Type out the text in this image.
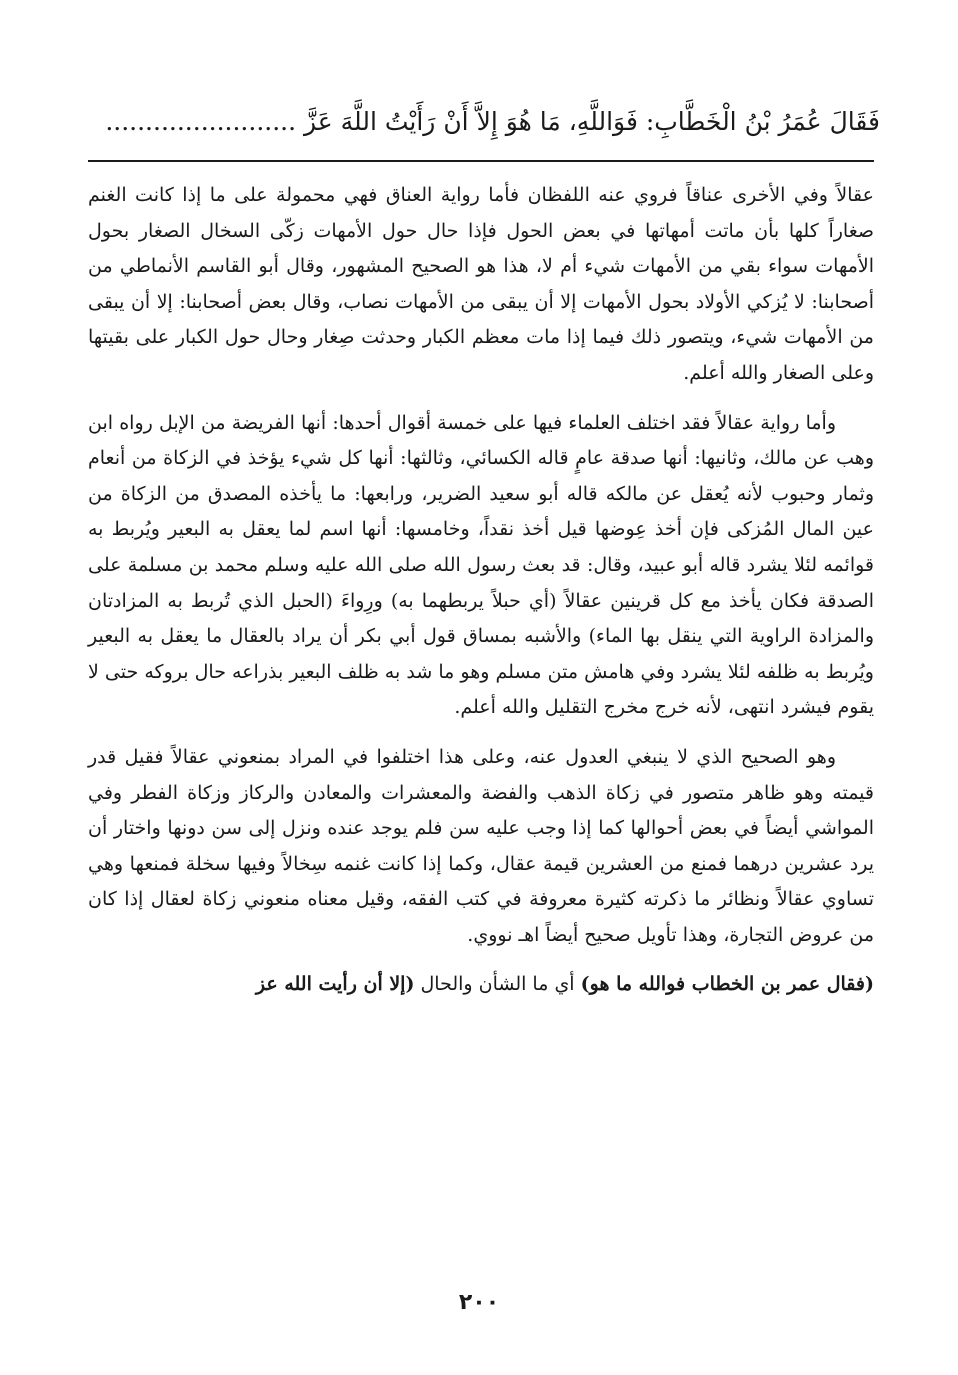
فَقَالَ عُمَرُ بْنُ الْخَطَّابِ: فَوَاللَّهِ، مَا هُوَ إِلاَّ أَنْ رَأَيْتُ اللَّهَ عَزَّ ........................

عقالاً وفي الأخرى عناقاً فروي عنه اللفظان فأما رواية العناق فهي محمولة على ما إذا كانت الغنم صغاراً كلها بأن ماتت أمهاتها في بعض الحول فإذا حال حول الأمهات زكّى السخال الصغار بحول الأمهات سواء بقي من الأمهات شيء أم لا، هذا هو الصحيح المشهور، وقال أبو القاسم الأنماطي من أصحابنا: لا يُزكي الأولاد بحول الأمهات إلا أن يبقى من الأمهات نصاب، وقال بعض أصحابنا: إلا أن يبقى من الأمهات شيء، ويتصور ذلك فيما إذا مات معظم الكبار وحدثت صِغار وحال حول الكبار على بقيتها وعلى الصغار والله أعلم.

وأما رواية عقالاً فقد اختلف العلماء فيها على خمسة أقوال أحدها: أنها الفريضة من الإبل رواه ابن وهب عن مالك، وثانيها: أنها صدقة عامٍ قاله الكسائي، وثالثها: أنها كل شيء يؤخذ في الزكاة من أنعام وثمار وحبوب لأنه يُعقل عن مالكه قاله أبو سعيد الضرير، ورابعها: ما يأخذه المصدق من الزكاة من عين المال المُزكى فإن أخذ عِوضها قيل أخذ نقداً، وخامسها: أنها اسم لما يعقل به البعير ويُربط به قوائمه لئلا يشرد قاله أبو عبيد، وقال: قد بعث رسول الله صلى الله عليه وسلم محمد بن مسلمة على الصدقة فكان يأخذ مع كل قرينين عقالاً (أي حبلاً يربطهما به) ورِواءَ (الحبل الذي تُربط به المزادتان والمزادة الراوية التي ينقل بها الماء) والأشبه بمساق قول أبي بكر أن يراد بالعقال ما يعقل به البعير ويُربط به ظلفه لئلا يشرد وفي هامش متن مسلم وهو ما شد به ظلف البعير بذراعه حال بروكه حتى لا يقوم فيشرد انتهى، لأنه خرج مخرج التقليل والله أعلم.

وهو الصحيح الذي لا ينبغي العدول عنه، وعلى هذا اختلفوا في المراد بمنعوني عقالاً فقيل قدر قيمته وهو ظاهر متصور في زكاة الذهب والفضة والمعشرات والمعادن والركاز وزكاة الفطر وفي المواشي أيضاً في بعض أحوالها كما إذا وجب عليه سن فلم يوجد عنده ونزل إلى سن دونها واختار أن يرد عشرين درهما فمنع من العشرين قيمة عقال، وكما إذا كانت غنمه سِخالاً وفيها سخلة فمنعها وهي تساوي عقالاً ونظائر ما ذكرته كثيرة معروفة في كتب الفقه، وقيل معناه منعوني زكاة لعقال إذا كان من عروض التجارة، وهذا تأويل صحيح أيضاً اهـ نووي.

(فقال عمر بن الخطاب فوالله ما هو) أي ما الشأن والحال (إلا أن رأيت الله عز

٢٠٠
